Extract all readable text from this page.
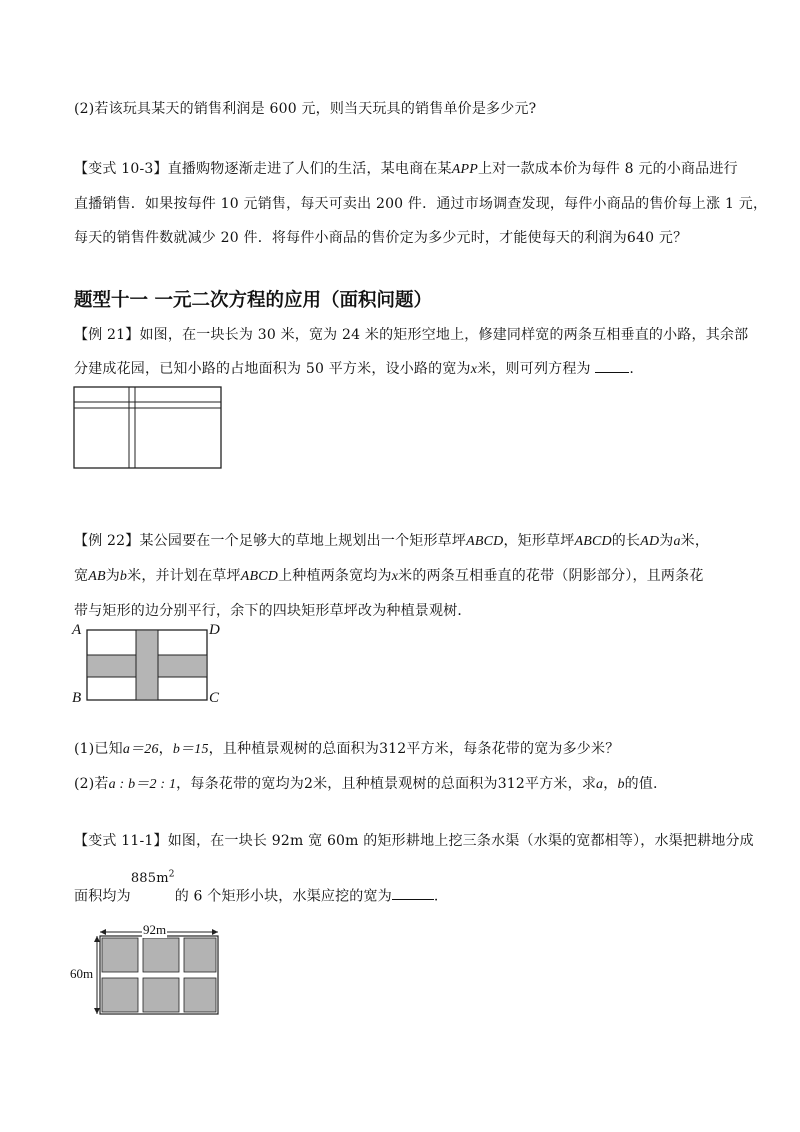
(2)若该玩具某天的销售利润是 600 元，则当天玩具的销售单价是多少元?
【变式 10-3】直播购物逐渐走进了人们的生活，某电商在某APP上对一款成本价为每件 8 元的小商品进行
直播销售．如果按每件 10 元销售，每天可卖出 200 件．通过市场调查发现，每件小商品的售价每上涨 1 元，
每天的销售件数就减少 20 件．将每件小商品的售价定为多少元时，才能使每天的利润为640 元？
题型十一 一元二次方程的应用（面积问题）
【例 21】如图，在一块长为 30 米，宽为 24 米的矩形空地上，修建同样宽的两条互相垂直的小路，其余部
分建成花园，已知小路的占地面积为 50 平方米，设小路的宽为x米，则可列方程为	.
【例 22】某公园要在一个足够大的草地上规划出一个矩形草坪ABCD，矩形草坪ABCD的长AD为a米，
宽AB为b米，并计划在草坪ABCD上种植两条宽均为x米的两条互相垂直的花带（阴影部分），且两条花
带与矩形的边分别平行，余下的四块矩形草坪改为种植景观树．
A	D
B	C
(1)已知a＝26，b＝15，且种植景观树的总面积为312平方米，每条花带的宽为多少米？
(2)若a : b＝2 : 1，每条花带的宽均为2米，且种植景观树的总面积为312平方米，求a，b的值.
【变式 11-1】如图，在一块长 92m 宽 60m 的矩形耕地上挖三条水渠（水渠的宽都相等），水渠把耕地分成
面积均为$885m^2$的 6 个矩形小块，水渠应挖的宽为	.
92m
60m
